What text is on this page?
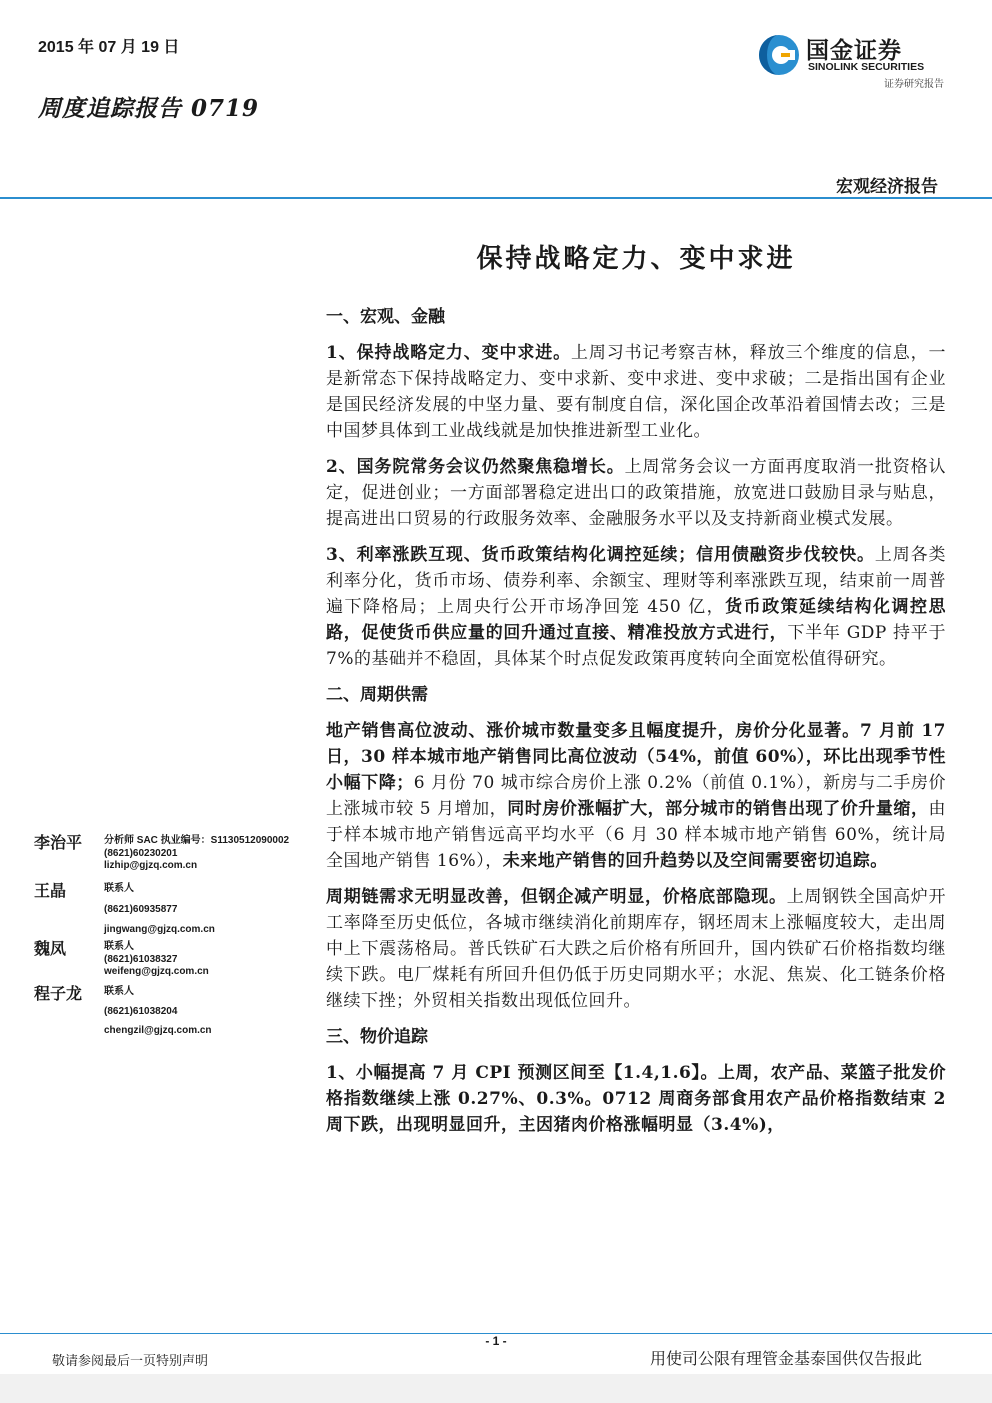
2015 年 07 月 19 日
周度追踪报告 0719
国金证券
SINOLINK SECURITIES
证券研究报告
宏观经济报告
保持战略定力、变中求进
一、宏观、金融

1、保持战略定力、变中求进。上周习书记考察吉林，释放三个维度的信息，一是新常态下保持战略定力、变中求新、变中求进、变中求破；二是指出国有企业是国民经济发展的中坚力量、要有制度自信，深化国企改革沿着国情去改；三是中国梦具体到工业战线就是加快推进新型工业化。

2、国务院常务会议仍然聚焦稳增长。上周常务会议一方面再度取消一批资格认定，促进创业；一方面部署稳定进出口的政策措施，放宽进口鼓励目录与贴息，提高进出口贸易的行政服务效率、金融服务水平以及支持新商业模式发展。

3、利率涨跌互现、货币政策结构化调控延续；信用债融资步伐较快。上周各类利率分化，货币市场、债券利率、余额宝、理财等利率涨跌互现，结束前一周普遍下降格局；上周央行公开市场净回笼 450 亿，货币政策延续结构化调控思路，促使货币供应量的回升通过直接、精准投放方式进行，下半年 GDP 持平于 7%的基础并不稳固，具体某个时点促发政策再度转向全面宽松值得研究。

二、周期供需

地产销售高位波动、涨价城市数量变多且幅度提升，房价分化显著。7 月前 17 日，30 样本城市地产销售同比高位波动（54%，前值 60%），环比出现季节性小幅下降；6 月份 70 城市综合房价上涨 0.2%（前值 0.1%），新房与二手房价上涨城市较 5 月增加，同时房价涨幅扩大，部分城市的销售出现了价升量缩，由于样本城市地产销售远高平均水平（6 月 30 样本城市地产销售 60%，统计局全国地产销售 16%），未来地产销售的回升趋势以及空间需要密切追踪。

周期链需求无明显改善，但钢企减产明显，价格底部隐现。上周钢铁全国高炉开工率降至历史低位，各城市继续消化前期库存，钢坯周末上涨幅度较大，走出周中上下震荡格局。普氏铁矿石大跌之后价格有所回升，国内铁矿石价格指数均继续下跌。电厂煤耗有所回升但仍低于历史同期水平；水泥、焦炭、化工链条价格继续下挫；外贸相关指数出现低位回升。

三、物价追踪

1、小幅提高 7 月 CPI 预测区间至【1.4,1.6】。上周，农产品、菜篮子批发价格指数继续上涨 0.27%、0.3%。0712 周商务部食用农产品价格指数结束 2 周下跌，出现明显回升，主因猪肉价格涨幅明显（3.4%)，

李治平 分析师 SAC 执业编号：S1130512090002
(8621)60230201
lizhip@gjzq.com.cn
王晶	联系人
(8621)60935877
jingwang@gjzq.com.cn
魏凤	联系人
(8621)61038327
weifeng@gjzq.com.cn
程子龙 联系人
(8621)61038204
chengzil@gjzq.com.cn
- 1 -
敬请参阅最后一页特别声明	用使司公限有理管金基泰国供仅告报此
